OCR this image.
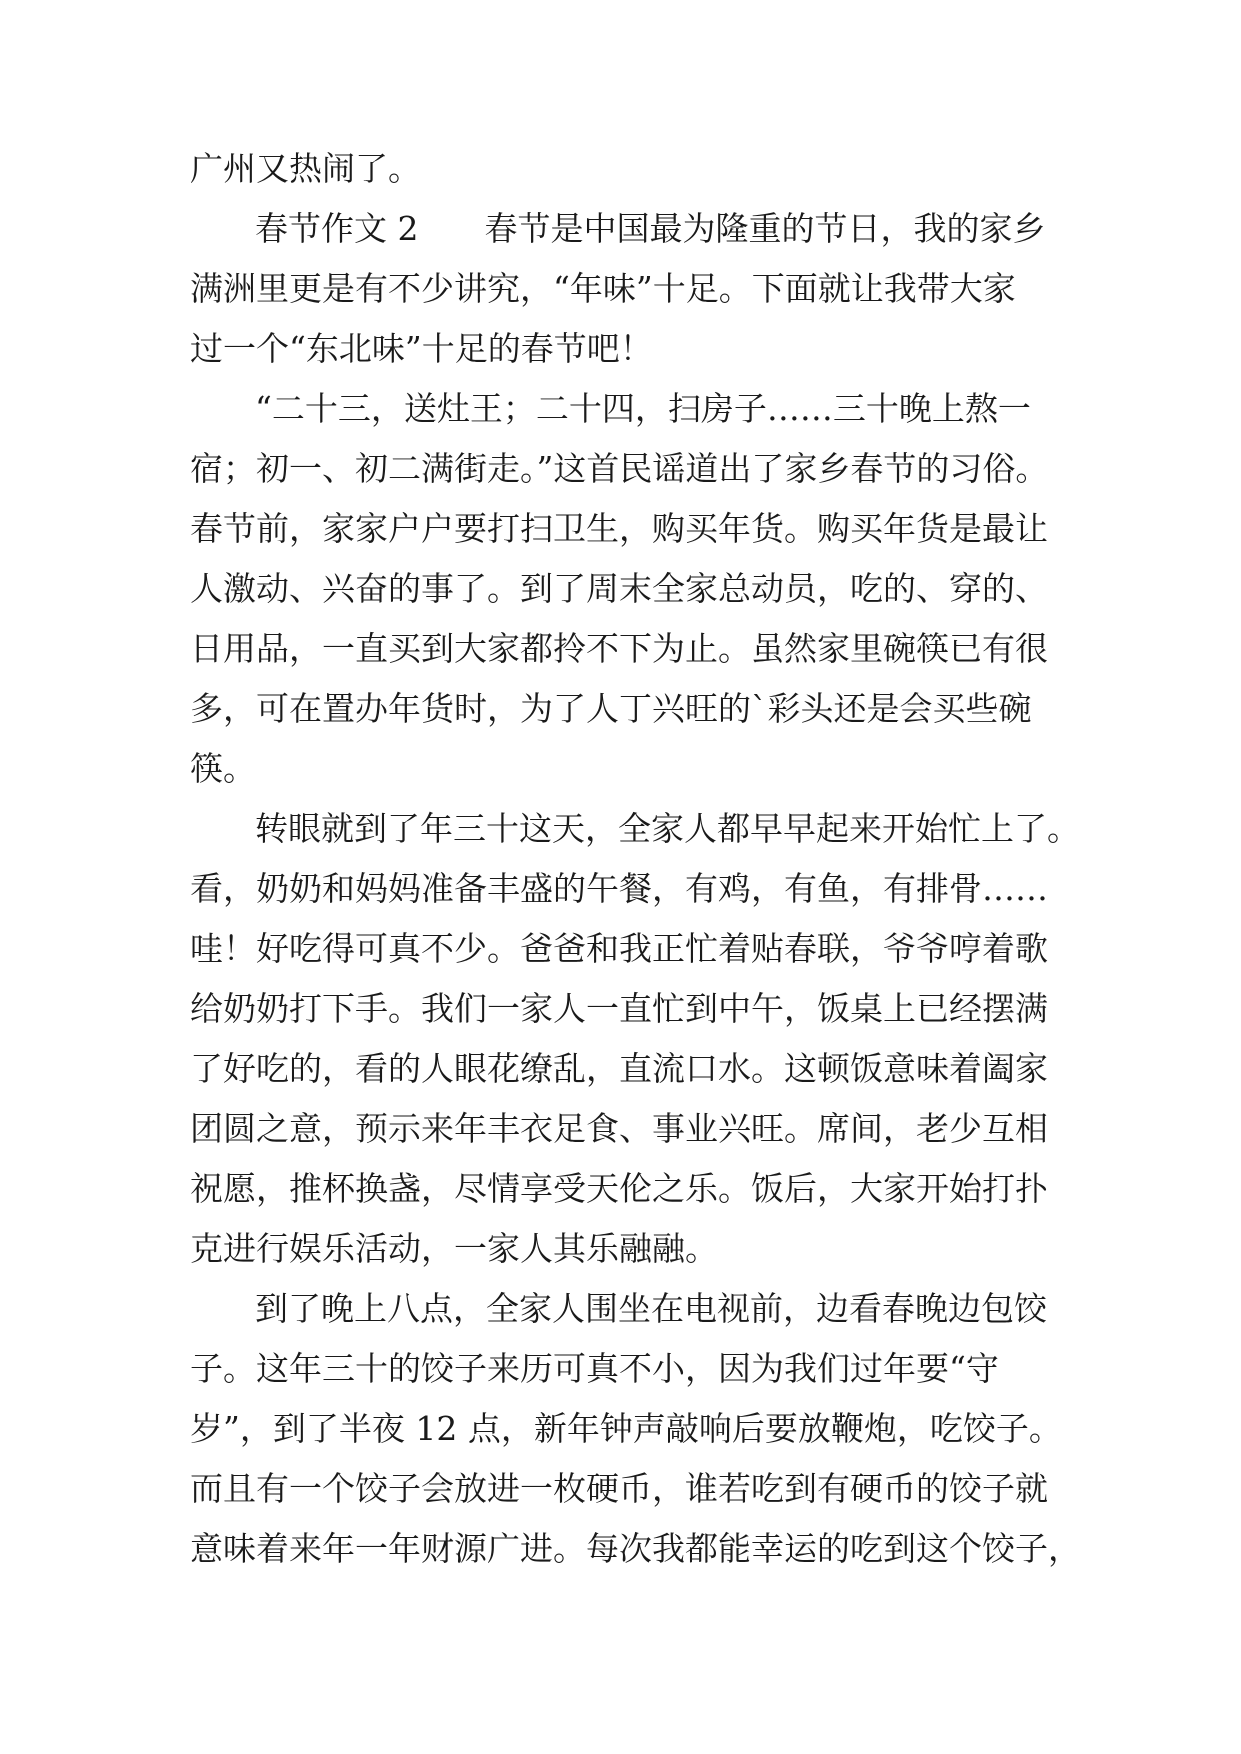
广州又热闹了。
春节作文 2　　春节是中国最为隆重的节日，我的家乡
满洲里更是有不少讲究，“年味”十足。下面就让我带大家
过一个“东北味”十足的春节吧！
“二十三，送灶王；二十四，扫房子……三十晚上熬一
宿；初一、初二满街走。”这首民谣道出了家乡春节的习俗。
春节前，家家户户要打扫卫生，购买年货。购买年货是最让
人激动、兴奋的事了。到了周末全家总动员，吃的、穿的、
日用品，一直买到大家都拎不下为止。虽然家里碗筷已有很
多，可在置办年货时，为了人丁兴旺的`彩头还是会买些碗
筷。
转眼就到了年三十这天，全家人都早早起来开始忙上了。
看，奶奶和妈妈准备丰盛的午餐，有鸡，有鱼，有排骨……
哇！好吃得可真不少。爸爸和我正忙着贴春联，爷爷哼着歌
给奶奶打下手。我们一家人一直忙到中午，饭桌上已经摆满
了好吃的，看的人眼花缭乱，直流口水。这顿饭意味着阖家
团圆之意，预示来年丰衣足食、事业兴旺。席间，老少互相
祝愿，推杯换盏，尽情享受天伦之乐。饭后，大家开始打扑
克进行娱乐活动，一家人其乐融融。
到了晚上八点，全家人围坐在电视前，边看春晚边包饺
子。这年三十的饺子来历可真不小，因为我们过年要“守
岁”，到了半夜 12 点，新年钟声敲响后要放鞭炮，吃饺子。
而且有一个饺子会放进一枚硬币，谁若吃到有硬币的饺子就
意味着来年一年财源广进。每次我都能幸运的吃到这个饺子，
